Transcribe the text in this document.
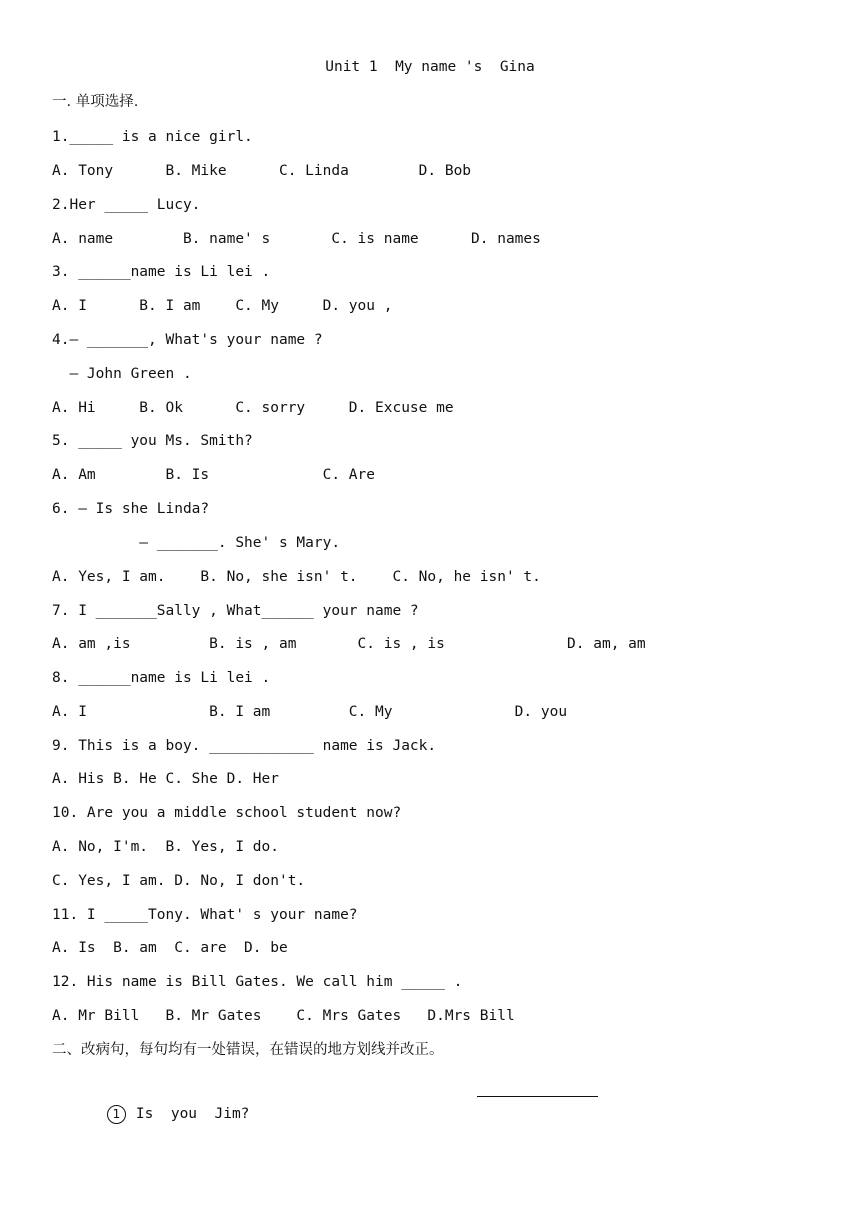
Unit 1  My name 's  Gina
一. 单项选择.
1._____ is a nice girl.
A. Tony      B. Mike      C. Linda        D. Bob
2.Her _____ Lucy.
A. name        B. name' s       C. is name      D. names
3. ______name is Li lei .
A. I      B. I am    C. My     D. you ,
4.— _______, What's your name ?
— John Green .
A. Hi     B. Ok      C. sorry     D. Excuse me
5. _____ you Ms. Smith?
A. Am        B. Is             C. Are
6. — Is she Linda?
— _______. She' s Mary.
A. Yes, I am.    B. No, she isn' t.    C. No, he isn' t.
7. I _______Sally , What______ your name ?
A. am ,is         B. is , am       C. is , is              D. am, am
8. ______name is Li lei .
A. I              B. I am         C. My              D. you
9. This is a boy. ____________ name is Jack.
A. His B. He C. She D. Her
10. Are you a middle school student now?
A. No, I'm.  B. Yes, I do.
C. Yes, I am. D. No, I don't.
11. I _____Tony. What' s your name?
A. Is  B. am  C. are  D. be
12. His name is Bill Gates. We call him _____ .
A. Mr Bill   B. Mr Gates    C. Mrs Gates   D.Mrs Bill
二、改病句，每句均有一处错误，在错误的地方划线并改正。

1 Is  you  Jim?
